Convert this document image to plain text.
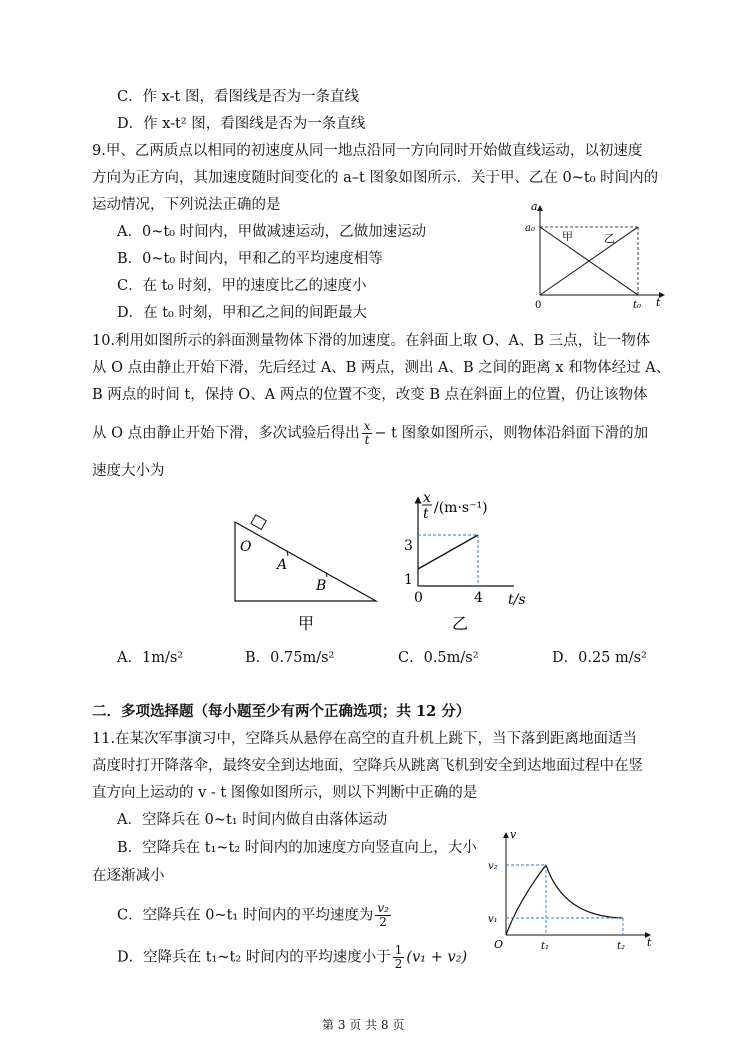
C．作 x-t 图，看图线是否为一条直线
D．作 x-t² 图，看图线是否为一条直线
9.甲、乙两质点以相同的初速度从同一地点沿同一方向同时开始做直线运动，以初速度
方向为正方向，其加速度随时间变化的 a–t 图象如图所示．关于甲、乙在 0~t₀ 时间内的
运动情况，下列说法正确的是
A．0~t₀ 时间内，甲做减速运动，乙做加速运动
B．0~t₀ 时间内，甲和乙的平均速度相等
C．在 t₀ 时刻，甲的速度比乙的速度小
D．在 t₀ 时刻，甲和乙之间的间距最大
a
a₀
甲	乙
0	t₀ t
10.利用如图所示的斜面测量物体下滑的加速度。在斜面上取 O、A、B 三点，让一物体
从 O 点由静止开始下滑，先后经过 A、B 两点，测出 A、B 之间的距离 x 和物体经过 A、
B 两点的时间 t，保持 O、A 两点的位置不变，改变 B 点在斜面上的位置，仍让该物体
从 O 点由静止开始下滑，多次试验后得出 $\frac{x}{t} - t$ 图象如图所示，则物体沿斜面下滑的加
速度大小为
O
A
B
甲
x
t /(m·s⁻¹)
3
1
0	4 t/s
乙
A．1m/s²	B．0.75m/s²	C．0.5m/s²	D．0.25 m/s²
二．多项选择题（每小题至少有两个正确选项；共 12 分）
11.在某次军事演习中，空降兵从悬停在高空的直升机上跳下，当下落到距离地面适当
高度时打开降落伞，最终安全到达地面，空降兵从跳离飞机到安全到达地面过程中在竖
直方向上运动的 v - t 图像如图所示，则以下判断中正确的是
A．空降兵在 0~t₁ 时间内做自由落体运动
B．空降兵在 t₁~t₂ 时间内的加速度方向竖直向上，大小
在逐渐减小
C．空降兵在 0~t₁ 时间内的平均速度为 $\frac{\text{v₂}}{2}$
D．空降兵在 t₁~t₂ 时间内的平均速度小于 $\frac{1}{2} (v_1 + v_2)$
v
v₂
v₁
O	t₁	t₂ t
第 3 页 共 8 页
